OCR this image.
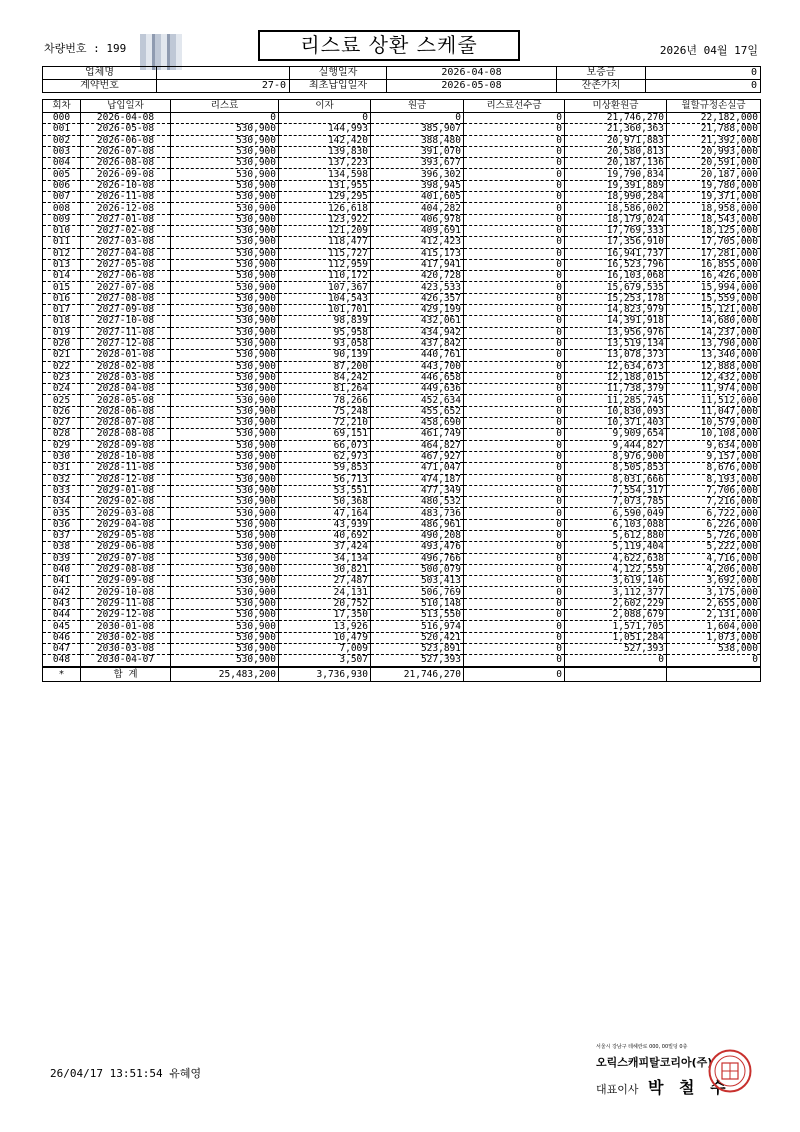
차량번호 : 199	리스료 상환 스케줄	2026년 04월 17일
업체명		실행일자	2026-04-08	보증금	0
계약번호	27-0	최초납입일자	2026-05-08	잔존가치	0
회차	납입일자	리스료	이자	원금	리스료선수금	미상환원금	월할규정손실금
000	2026-04-08	0	0	0	0	21,746,270	22,182,000
001	2026-05-08	530,900	144,993	385,907	0	21,360,363	21,788,000
002	2026-06-08	530,900	142,420	388,480	0	20,971,883	21,392,000
003	2026-07-08	530,900	139,830	391,070	0	20,580,813	20,993,000
004	2026-08-08	530,900	137,223	393,677	0	20,187,136	20,591,000
005	2026-09-08	530,900	134,598	396,302	0	19,790,834	20,187,000
006	2026-10-08	530,900	131,955	398,945	0	19,391,889	19,780,000
007	2026-11-08	530,900	129,295	401,605	0	18,990,284	19,371,000
008	2026-12-08	530,900	126,618	404,282	0	18,586,002	18,958,000
009	2027-01-08	530,900	123,922	406,978	0	18,179,024	18,543,000
010	2027-02-08	530,900	121,209	409,691	0	17,769,333	18,125,000
011	2027-03-08	530,900	118,477	412,423	0	17,356,910	17,705,000
012	2027-04-08	530,900	115,727	415,173	0	16,941,737	17,281,000
013	2027-05-08	530,900	112,959	417,941	0	16,523,796	16,855,000
014	2027-06-08	530,900	110,172	420,728	0	16,103,068	16,426,000
015	2027-07-08	530,900	107,367	423,533	0	15,679,535	15,994,000
016	2027-08-08	530,900	104,543	426,357	0	15,253,178	15,559,000
017	2027-09-08	530,900	101,701	429,199	0	14,823,979	15,121,000
018	2027-10-08	530,900	98,839	432,061	0	14,391,918	14,680,000
019	2027-11-08	530,900	95,958	434,942	0	13,956,976	14,237,000
020	2027-12-08	530,900	93,058	437,842	0	13,519,134	13,790,000
021	2028-01-08	530,900	90,139	440,761	0	13,078,373	13,340,000
022	2028-02-08	530,900	87,200	443,700	0	12,634,673	12,888,000
023	2028-03-08	530,900	84,242	446,658	0	12,188,015	12,432,000
024	2028-04-08	530,900	81,264	449,636	0	11,738,379	11,974,000
025	2028-05-08	530,900	78,266	452,634	0	11,285,745	11,512,000
026	2028-06-08	530,900	75,248	455,652	0	10,830,093	11,047,000
027	2028-07-08	530,900	72,210	458,690	0	10,371,403	10,579,000
028	2028-08-08	530,900	69,151	461,749	0	9,909,654	10,108,000
029	2028-09-08	530,900	66,073	464,827	0	9,444,827	9,634,000
030	2028-10-08	530,900	62,973	467,927	0	8,976,900	9,157,000
031	2028-11-08	530,900	59,853	471,047	0	8,505,853	8,676,000
032	2028-12-08	530,900	56,713	474,187	0	8,031,666	8,193,000
033	2029-01-08	530,900	53,551	477,349	0	7,554,317	7,706,000
034	2029-02-08	530,900	50,368	480,532	0	7,073,785	7,216,000
035	2029-03-08	530,900	47,164	483,736	0	6,590,049	6,722,000
036	2029-04-08	530,900	43,939	486,961	0	6,103,088	6,226,000
037	2029-05-08	530,900	40,692	490,208	0	5,612,880	5,726,000
038	2029-06-08	530,900	37,424	493,476	0	5,119,404	5,222,000
039	2029-07-08	530,900	34,134	496,766	0	4,622,638	4,716,000
040	2029-08-08	530,900	30,821	500,079	0	4,122,559	4,206,000
041	2029-09-08	530,900	27,487	503,413	0	3,619,146	3,692,000
042	2029-10-08	530,900	24,131	506,769	0	3,112,377	3,175,000
043	2029-11-08	530,900	20,752	510,148	0	2,602,229	2,655,000
044	2029-12-08	530,900	17,350	513,550	0	2,088,679	2,131,000
045	2030-01-08	530,900	13,926	516,974	0	1,571,705	1,604,000
046	2030-02-08	530,900	10,479	520,421	0	1,051,284	1,073,000
047	2030-03-08	530,900	7,009	523,891	0	527,393	538,000
048	2030-04-07	530,900	3,507	527,393	0	0	0
*	합 계	25,483,200	3,736,930	21,746,270	0		
26/04/17 13:51:54 유혜영
서울시 강남구 테헤란로 000, 00빌딩 0층
오릭스캐피탈코리아(주)
대표이사 박 철 수
